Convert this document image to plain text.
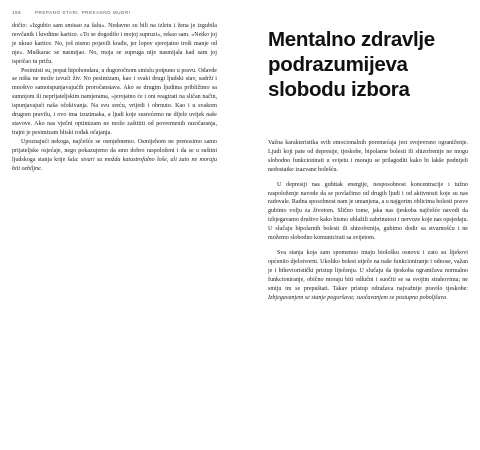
156	PREPANO STARI, PREKASNO MUDRI

dočio: »Izgubio sam smisao za šalu«. Nedavno su bili na izletu i žena je izgubila novčanik i kreditne kartice. »To se dogodilo i mojoj supruzi«, rekao sam. »Netko joj je ukrao kartice. No, još nismo pojavili krađu, jer lopov sjerojatno troši manje od nje«. Muškarac se nasmijao. No, moja se supruga nije nasmijala kad sam joj ispričao tu priču.

Pesimisti su, popat hipohondara, u dugoročnom smislu potpuno u pravu. Odavde se ništa ne može izvući živ. No pesimizam, kao i svaki drugi ljudski stav, sadrži i mnoštvo samoispunjavajućih proročanstava. Ako se drugim ljudima približimo sa sumnjom ili neprijateljskim namjerama, »jerojatno će i oni reagirati na sličan način, ispunjavajući naša očekivanja. Na svu sreću, vrijedi i obrnuto. Kao i u svakom drugom pravilu, i ovo ima izuzimaka, a ljudi koje susrećemo ne dijele uvijek naše stavove. Ako nas vječni optimizam ne može zaštititi od povremenih razočaranja, trajni je pesimizam bliski rođak očajanja.

Upoznajući nekoga, najčešće se osmjehnemo. Osmijehom ne prenosimo samo prijateljske osjećaje, nego pokazujemo da smo dobro raspoloženi i da se u suštini ljudskoga stanja krije šala: stvari su možda katastrofalno loše, ali zato ne moraju biti ozbiljne.

Mentalno zdravlje podrazumijeva slobodu izbora

Važna karakteristika svih emocionalnih poremećaja jest svojevrsno ograničenje. Ljudi koji pate od depresije, tjeskobe, bipolarne bolesti ili shizofrenije ne mogu slobodno funkcionirati u svijetu i moraju se prilagoditi kako bi lakše podnijeli nedostatke izazvane bolešću.

U depresiji nas gubitak energije, nesposobnost koncentracije i tužno raspoloženje navode da se povlačimo od drugih ljudi i od aktivnosti koje su nas radovale. Radna sposobnost nam je umanjena, a u najgorim oblicima bolesti posve gubimo volju za životom. Slično tome, jaka nas tjeskoba najčešće navodi da izbjegavamo društvo kako bismo ublažili zabrinutost i nervoze koje nas opsjedaju. U slučaju bipolarnih bolesti ili shizofrenija, gubimo dodir sa stvarnošću i ne možemo slobodno komunicirati sa svijetom.

Sva stanja koja sam spomenuo imaju biološku osnovu i zato su lijekovi općenito djelotvorni. Ukoliko bolest utječe na naše funkcioniranje i odnose, važan je i bihevioristički pristup liječenju. U slučaju da tjeskoba ograničava normalno funkcioniranje, obično moraju biti odlučni i suočiti se sa svojim strahovima; ne smiju im se prepuštati. Takav pristup odražava najvažnije pravilo tjeskobe: Izbjegavanjem se stanje pogoršava; suočavanjem se postupno poboljšava.
